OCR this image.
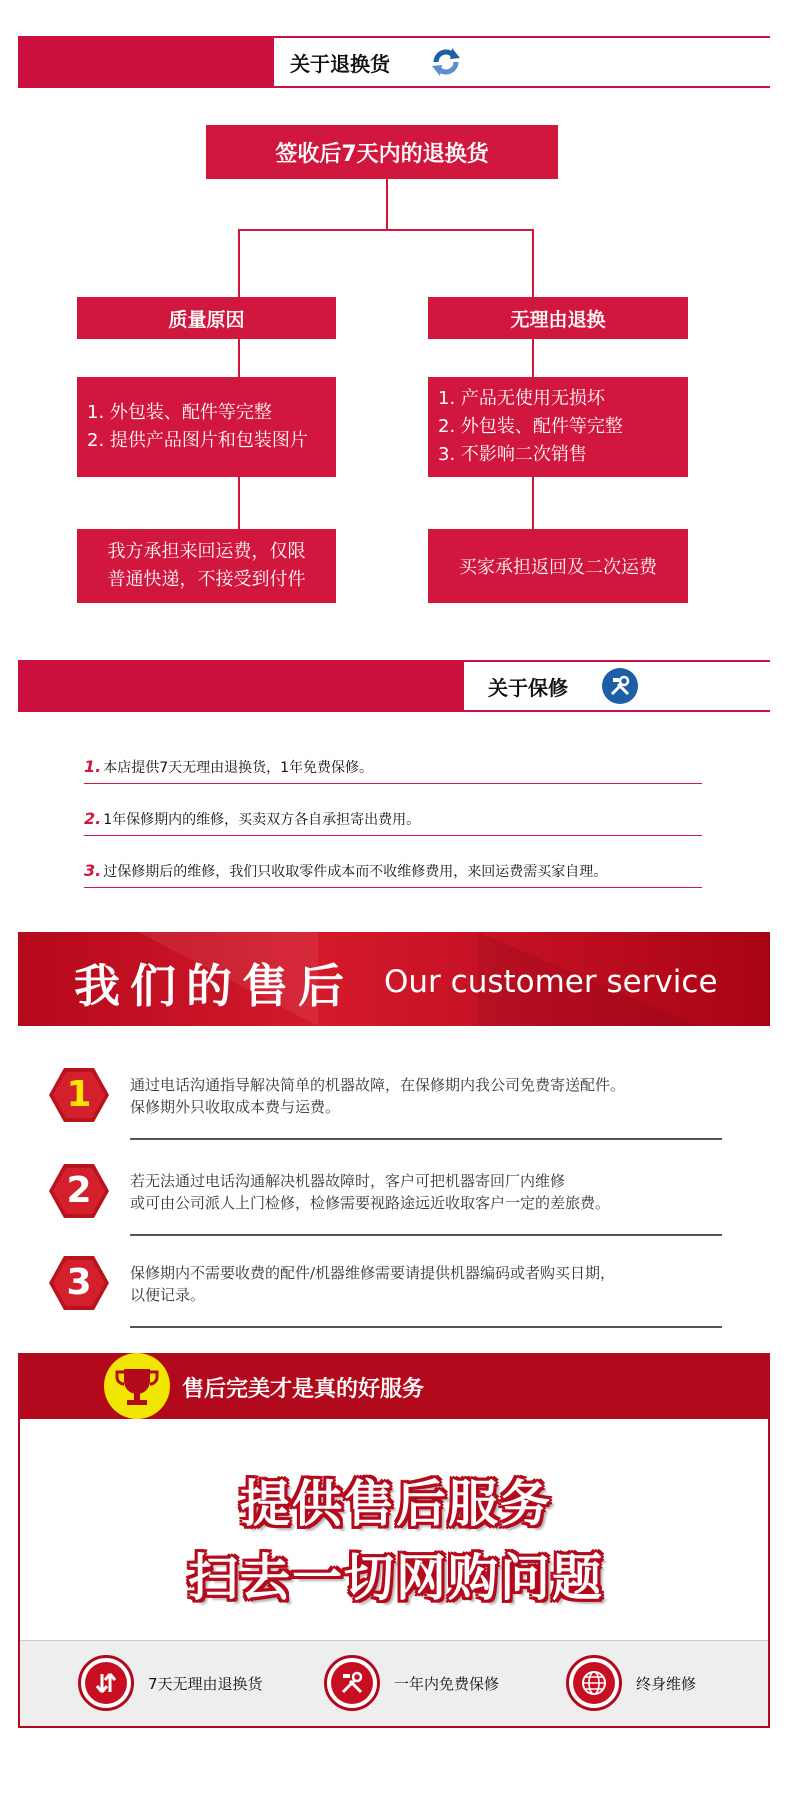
关于退换货
签收后7天内的退换货
质量原因	无理由退换
1. 外包装、配件等完整
2. 提供产品图片和包装图片
1. 产品无使用无损坏
2. 外包装、配件等完整
3. 不影响二次销售
我方承担来回运费，仅限
普通快递，不接受到付件
买家承担返回及二次运费
关于保修
1. 本店提供7天无理由退换货，1年免费保修。
2. 1年保修期内的维修，买卖双方各自承担寄出费用。
3. 过保修期后的维修，我们只收取零件成本而不收维修费用，来回运费需买家自理。
我们的售后 Our customer service
1	通过电话沟通指导解决简单的机器故障，在保修期内我公司免费寄送配件。
保修期外只收取成本费与运费。
2	若无法通过电话沟通解决机器故障时，客户可把机器寄回厂内维修
或可由公司派人上门检修，检修需要视路途远近收取客户一定的差旅费。
3	保修期内不需要收费的配件/机器维修需要请提供机器编码或者购买日期，
以便记录。
售后完美才是真的好服务
提供售后服务
扫去一切网购问题
7天无理由退换货	一年内免费保修	终身维修
